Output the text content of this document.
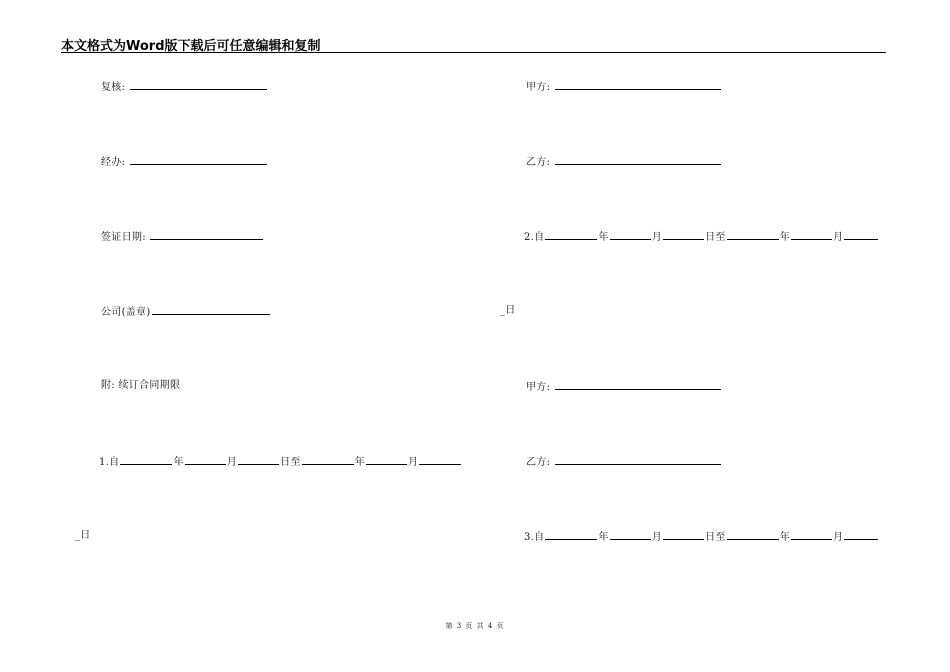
本文格式为Word版下载后可任意编辑和复制
复核:
经办:
签证日期:
公司(盖章)
附: 续订合同期限
1.自	年	月	日至	年	月
_日
甲方:
乙方:
2.自	年	月	日至	年	月
_日
甲方:
乙方:
3.自	年	月	日至	年	月
第 3 页 共 4 页
